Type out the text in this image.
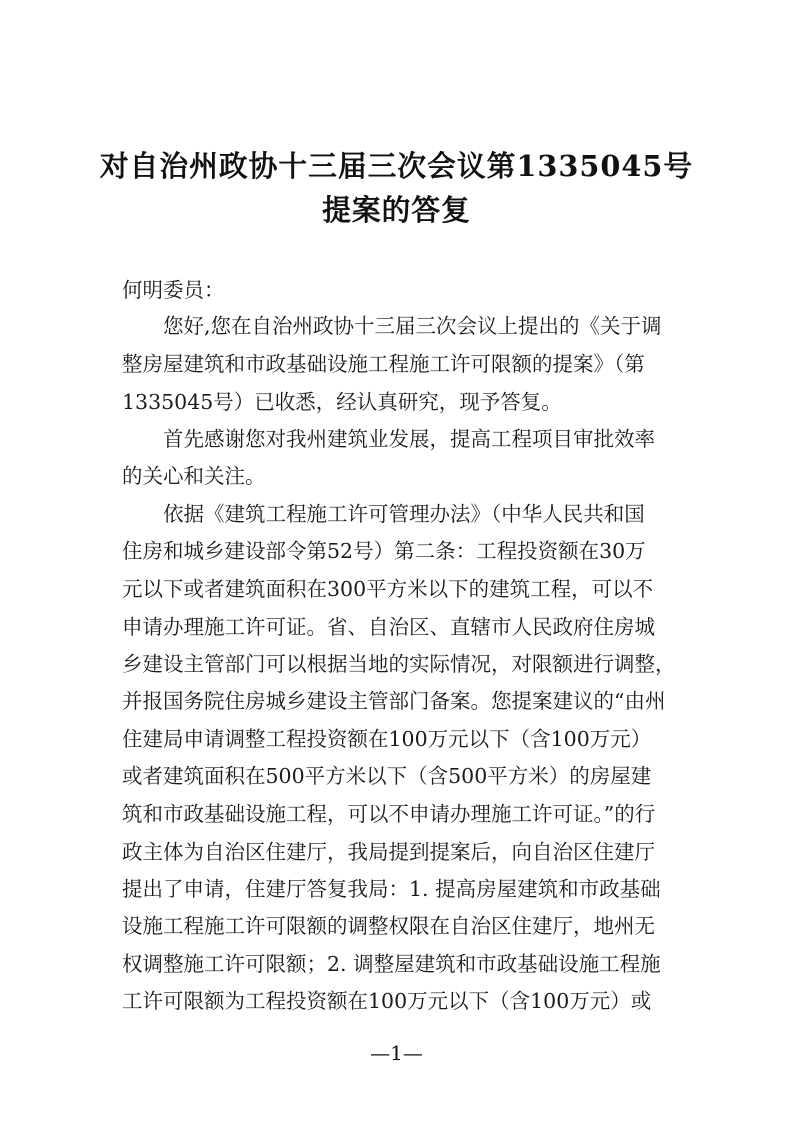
对自治州政协十三届三次会议第1335045号
提案的答复
何明委员：
　　您好,您在自治州政协十三届三次会议上提出的《关于调
整房屋建筑和市政基础设施工程施工许可限额的提案》（第
1335045号）已收悉，经认真研究，现予答复。
　　首先感谢您对我州建筑业发展，提高工程项目审批效率
的关心和关注。
　　依据《建筑工程施工许可管理办法》（中华人民共和国
住房和城乡建设部令第52号）第二条：工程投资额在30万
元以下或者建筑面积在300平方米以下的建筑工程，可以不
申请办理施工许可证。省、自治区、直辖市人民政府住房城
乡建设主管部门可以根据当地的实际情况，对限额进行调整，
并报国务院住房城乡建设主管部门备案。您提案建议的“由州
住建局申请调整工程投资额在100万元以下（含100万元）
或者建筑面积在500平方米以下（含500平方米）的房屋建
筑和市政基础设施工程，可以不申请办理施工许可证。”的行
政主体为自治区住建厅，我局提到提案后，向自治区住建厅
提出了申请，住建厅答复我局：1. 提高房屋建筑和市政基础
设施工程施工许可限额的调整权限在自治区住建厅，地州无
权调整施工许可限额；2. 调整屋建筑和市政基础设施工程施
工许可限额为工程投资额在100万元以下（含100万元）或
—1—
